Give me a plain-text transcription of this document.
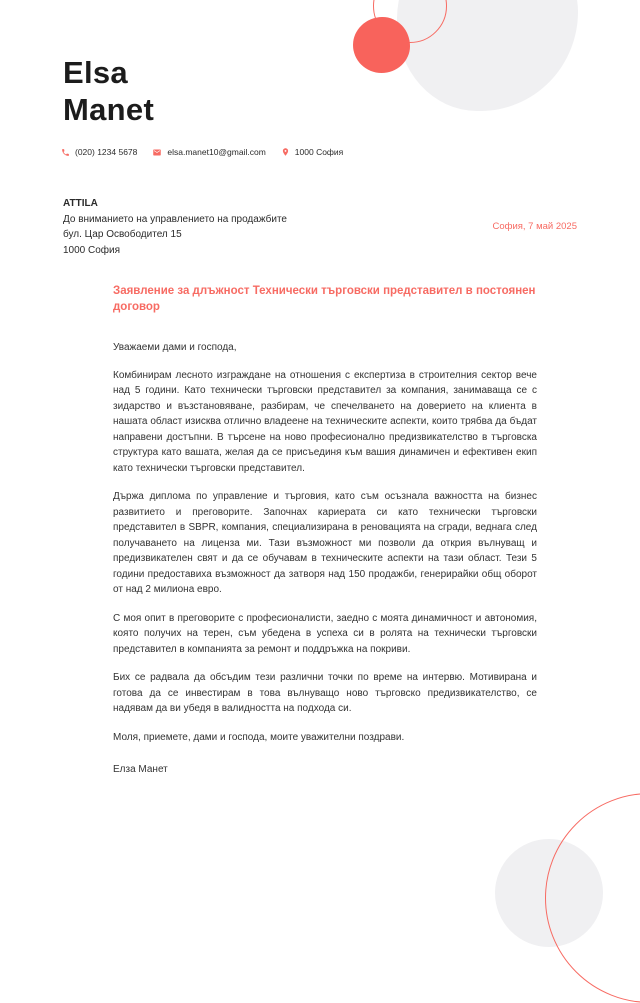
Elsa
Manet
(020) 1234 5678	elsa.manet10@gmail.com	1000 София
ATTILA
До вниманието на управлението на продажбите
бул. Цар Освободител 15
1000 София
София, 7 май 2025
Заявление за длъжност Технически търговски представител в постоянен договор
Уважаеми дами и господа,

Комбинирам лесното изграждане на отношения с експертиза в строителния сектор вече над 5 години. Като технически търговски представител за компания, занимаваща се с зидарство и възстановяване, разбирам, че спечелването на доверието на клиента в нашата област изисква отлично владеене на техническите аспекти, които трябва да бъдат направени достъпни. В търсене на ново професионално предизвикателство в търговска структура като вашата, желая да се присъединя към вашия динамичен и ефективен екип като технически търговски представител.

Държа диплома по управление и търговия, като съм осъзнала важността на бизнес развитието и преговорите. Започнах кариерата си като технически търговски представител в SBPR, компания, специализирана в реновацията на сгради, веднага след получаването на лиценза ми. Тази възможност ми позволи да открия вълнуващ и предизвикателен свят и да се обучавам в техническите аспекти на тази област. Тези 5 години предоставиха възможност да затворя над 150 продажби, генерирайки общ оборот от над 2 милиона евро.

С моя опит в преговорите с професионалисти, заедно с моята динамичност и автономия, която получих на терен, съм убедена в успеха си в ролята на технически търговски представител в компанията за ремонт и поддръжка на покриви.

Бих се радвала да обсъдим тези различни точки по време на интервю. Мотивирана и готова да се инвестирам в това вълнуващо ново търговско предизвикателство, се надявам да ви убедя в валидността на подхода си.

Моля, приемете, дами и господа, моите уважителни поздрави.
Елза Манет
